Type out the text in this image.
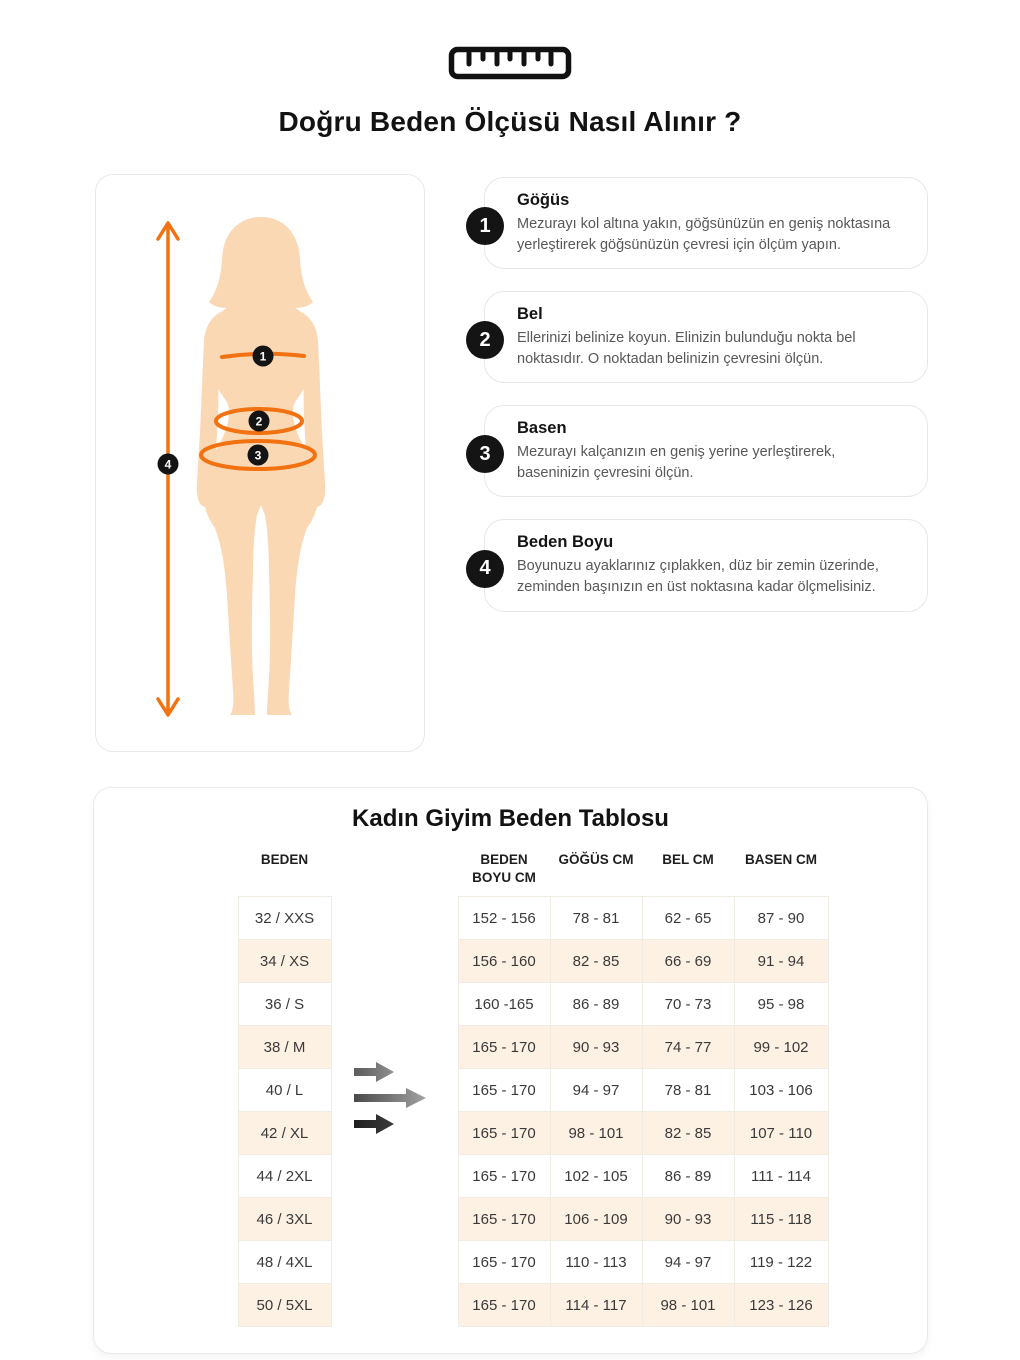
Doğru Beden Ölçüsü Nasıl Alınır ?
1
2
3
4
1
Göğüs
Mezurayı kol altına yakın, göğsünüzün en geniş noktasına yerleştirerek göğsünüzün çevresi için ölçüm yapın.
2
Bel
Ellerinizi belinize koyun. Elinizin bulunduğu nokta bel noktasıdır. O noktadan belinizin çevresini ölçün.
3
Basen
Mezurayı kalçanızın en geniş yerine yerleştirerek, baseninizin çevresini ölçün.
4
Beden Boyu
Boyunuzu ayaklarınız çıplakken, düz bir zemin üzerinde, zeminden başınızın en üst noktasına kadar ölçmelisiniz.
Kadın Giyim Beden Tablosu
	BEDEN		BEDEN BOYU CM	GÖĞÜS CM	BEL CM	BASEN CM
	32 / XXS		152 - 156	78 - 81	62 - 65	87 - 90
	34 / XS		156 - 160	82 - 85	66 - 69	91 - 94
	36 / S		160 -165	86 - 89	70 - 73	95 - 98
	38 / M		165 - 170	90 - 93	74 - 77	99 - 102
	40 / L		165 - 170	94 - 97	78 - 81	103 - 106
	42 / XL		165 - 170	98 - 101	82 - 85	107 - 110
	44 / 2XL		165 - 170	102 - 105	86 - 89	111 - 114
	46 / 3XL		165 - 170	106 - 109	90 - 93	115 - 118
	48 / 4XL		165 - 170	110 - 113	94 - 97	119 - 122
	50 / 5XL		165 - 170	114 - 117	98 - 101	123 - 126
